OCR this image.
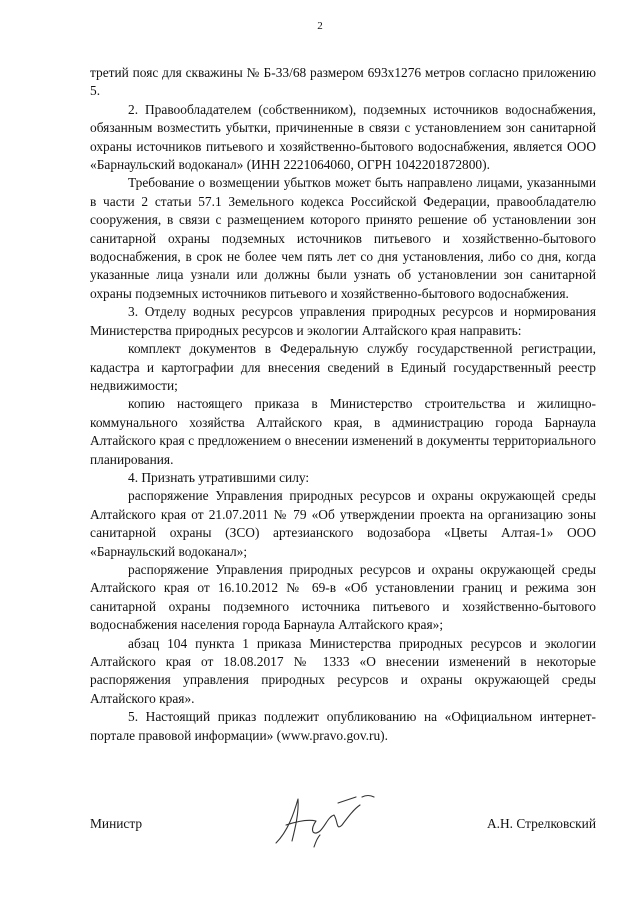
2

третий пояс для скважины № Б-33/68 размером 693х1276 метров согласно приложению 5.

2. Правообладателем (собственником), подземных источников водоснабжения, обязанным возместить убытки, причиненные в связи с установлением зон санитарной охраны источников питьевого и хозяйственно-бытового водоснабжения, является ООО «Барнаульский водоканал» (ИНН 2221064060, ОГРН 1042201872800).

Требование о возмещении убытков может быть направлено лицами, указанными в части 2 статьи 57.1 Земельного кодекса Российской Федерации, правообладателю сооружения, в связи с размещением которого принято решение об установлении зон санитарной охраны подземных источников питьевого и хозяйственно-бытового водоснабжения, в срок не более чем пять лет со дня установления, либо со дня, когда указанные лица узнали или должны были узнать об установлении зон санитарной охраны подземных источников питьевого и хозяйственно-бытового водоснабжения.

3. Отделу водных ресурсов управления природных ресурсов и нормирования Министерства природных ресурсов и экологии Алтайского края направить:

комплект документов в Федеральную службу государственной регистрации, кадастра и картографии для внесения сведений в Единый государственный реестр недвижимости;

копию настоящего приказа в Министерство строительства и жилищно-коммунального хозяйства Алтайского края, в администрацию города Барнаула Алтайского края с предложением о внесении изменений в документы территориального планирования.

4. Признать утратившими силу:

распоряжение Управления природных ресурсов и охраны окружающей среды Алтайского края от 21.07.2011 № 79 «Об утверждении проекта на организацию зоны санитарной охраны (ЗСО) артезианского водозабора «Цветы Алтая-1» ООО «Барнаульский водоканал»;

распоряжение Управления природных ресурсов и охраны окружающей среды Алтайского края от 16.10.2012 № 69-в «Об установлении границ и режима зон санитарной охраны подземного источника питьевого и хозяйственно-бытового водоснабжения населения города Барнаула Алтайского края»;

абзац 104 пункта 1 приказа Министерства природных ресурсов и экологии Алтайского края от 18.08.2017 № 1333 «О внесении изменений в некоторые распоряжения управления природных ресурсов и охраны окружающей среды Алтайского края».

5. Настоящий приказ подлежит опубликованию на «Официальном интернет-портале правовой информации» (www.pravo.gov.ru).

Министр	А.Н. Стрелковский
